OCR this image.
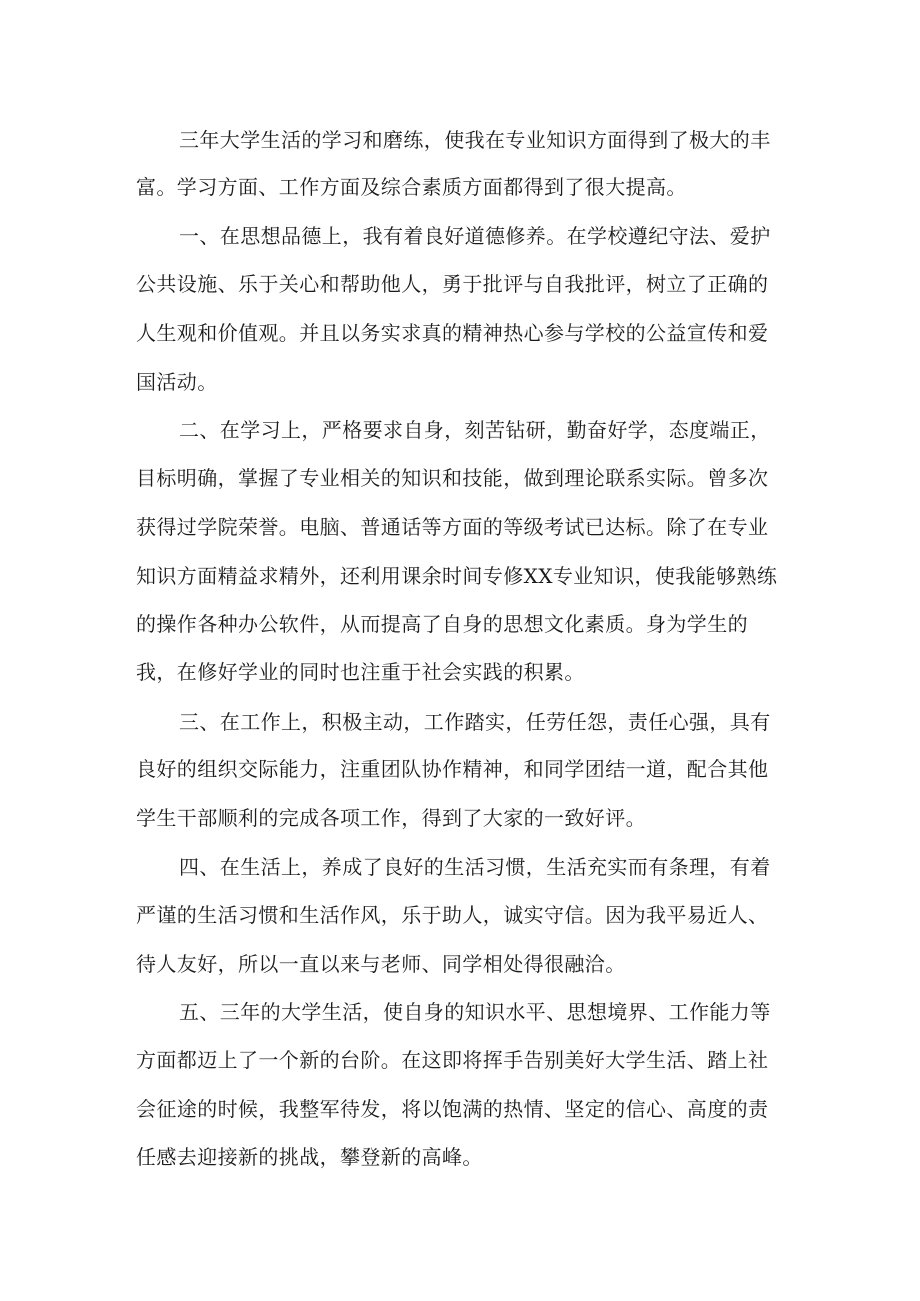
三年大学生活的学习和磨练，使我在专业知识方面得到了极大的丰

富。学习方面、工作方面及综合素质方面都得到了很大提高。

一、在思想品德上，我有着良好道德修养。在学校遵纪守法、爱护

公共设施、乐于关心和帮助他人，勇于批评与自我批评，树立了正确的

人生观和价值观。并且以务实求真的精神热心参与学校的公益宣传和爱

国活动。

二、在学习上，严格要求自身，刻苦钻研，勤奋好学，态度端正，

目标明确，掌握了专业相关的知识和技能，做到理论联系实际。曾多次

获得过学院荣誉。电脑、普通话等方面的等级考试已达标。除了在专业

知识方面精益求精外，还利用课余时间专修XX专业知识，使我能够熟练

的操作各种办公软件，从而提高了自身的思想文化素质。身为学生的

我，在修好学业的同时也注重于社会实践的积累。

三、在工作上，积极主动，工作踏实，任劳任怨，责任心强，具有

良好的组织交际能力，注重团队协作精神，和同学团结一道，配合其他

学生干部顺利的完成各项工作，得到了大家的一致好评。

四、在生活上，养成了良好的生活习惯，生活充实而有条理，有着

严谨的生活习惯和生活作风，乐于助人，诚实守信。因为我平易近人、

待人友好，所以一直以来与老师、同学相处得很融洽。

五、三年的大学生活，使自身的知识水平、思想境界、工作能力等

方面都迈上了一个新的台阶。在这即将挥手告别美好大学生活、踏上社

会征途的时候，我整军待发，将以饱满的热情、坚定的信心、高度的责

任感去迎接新的挑战，攀登新的高峰。
